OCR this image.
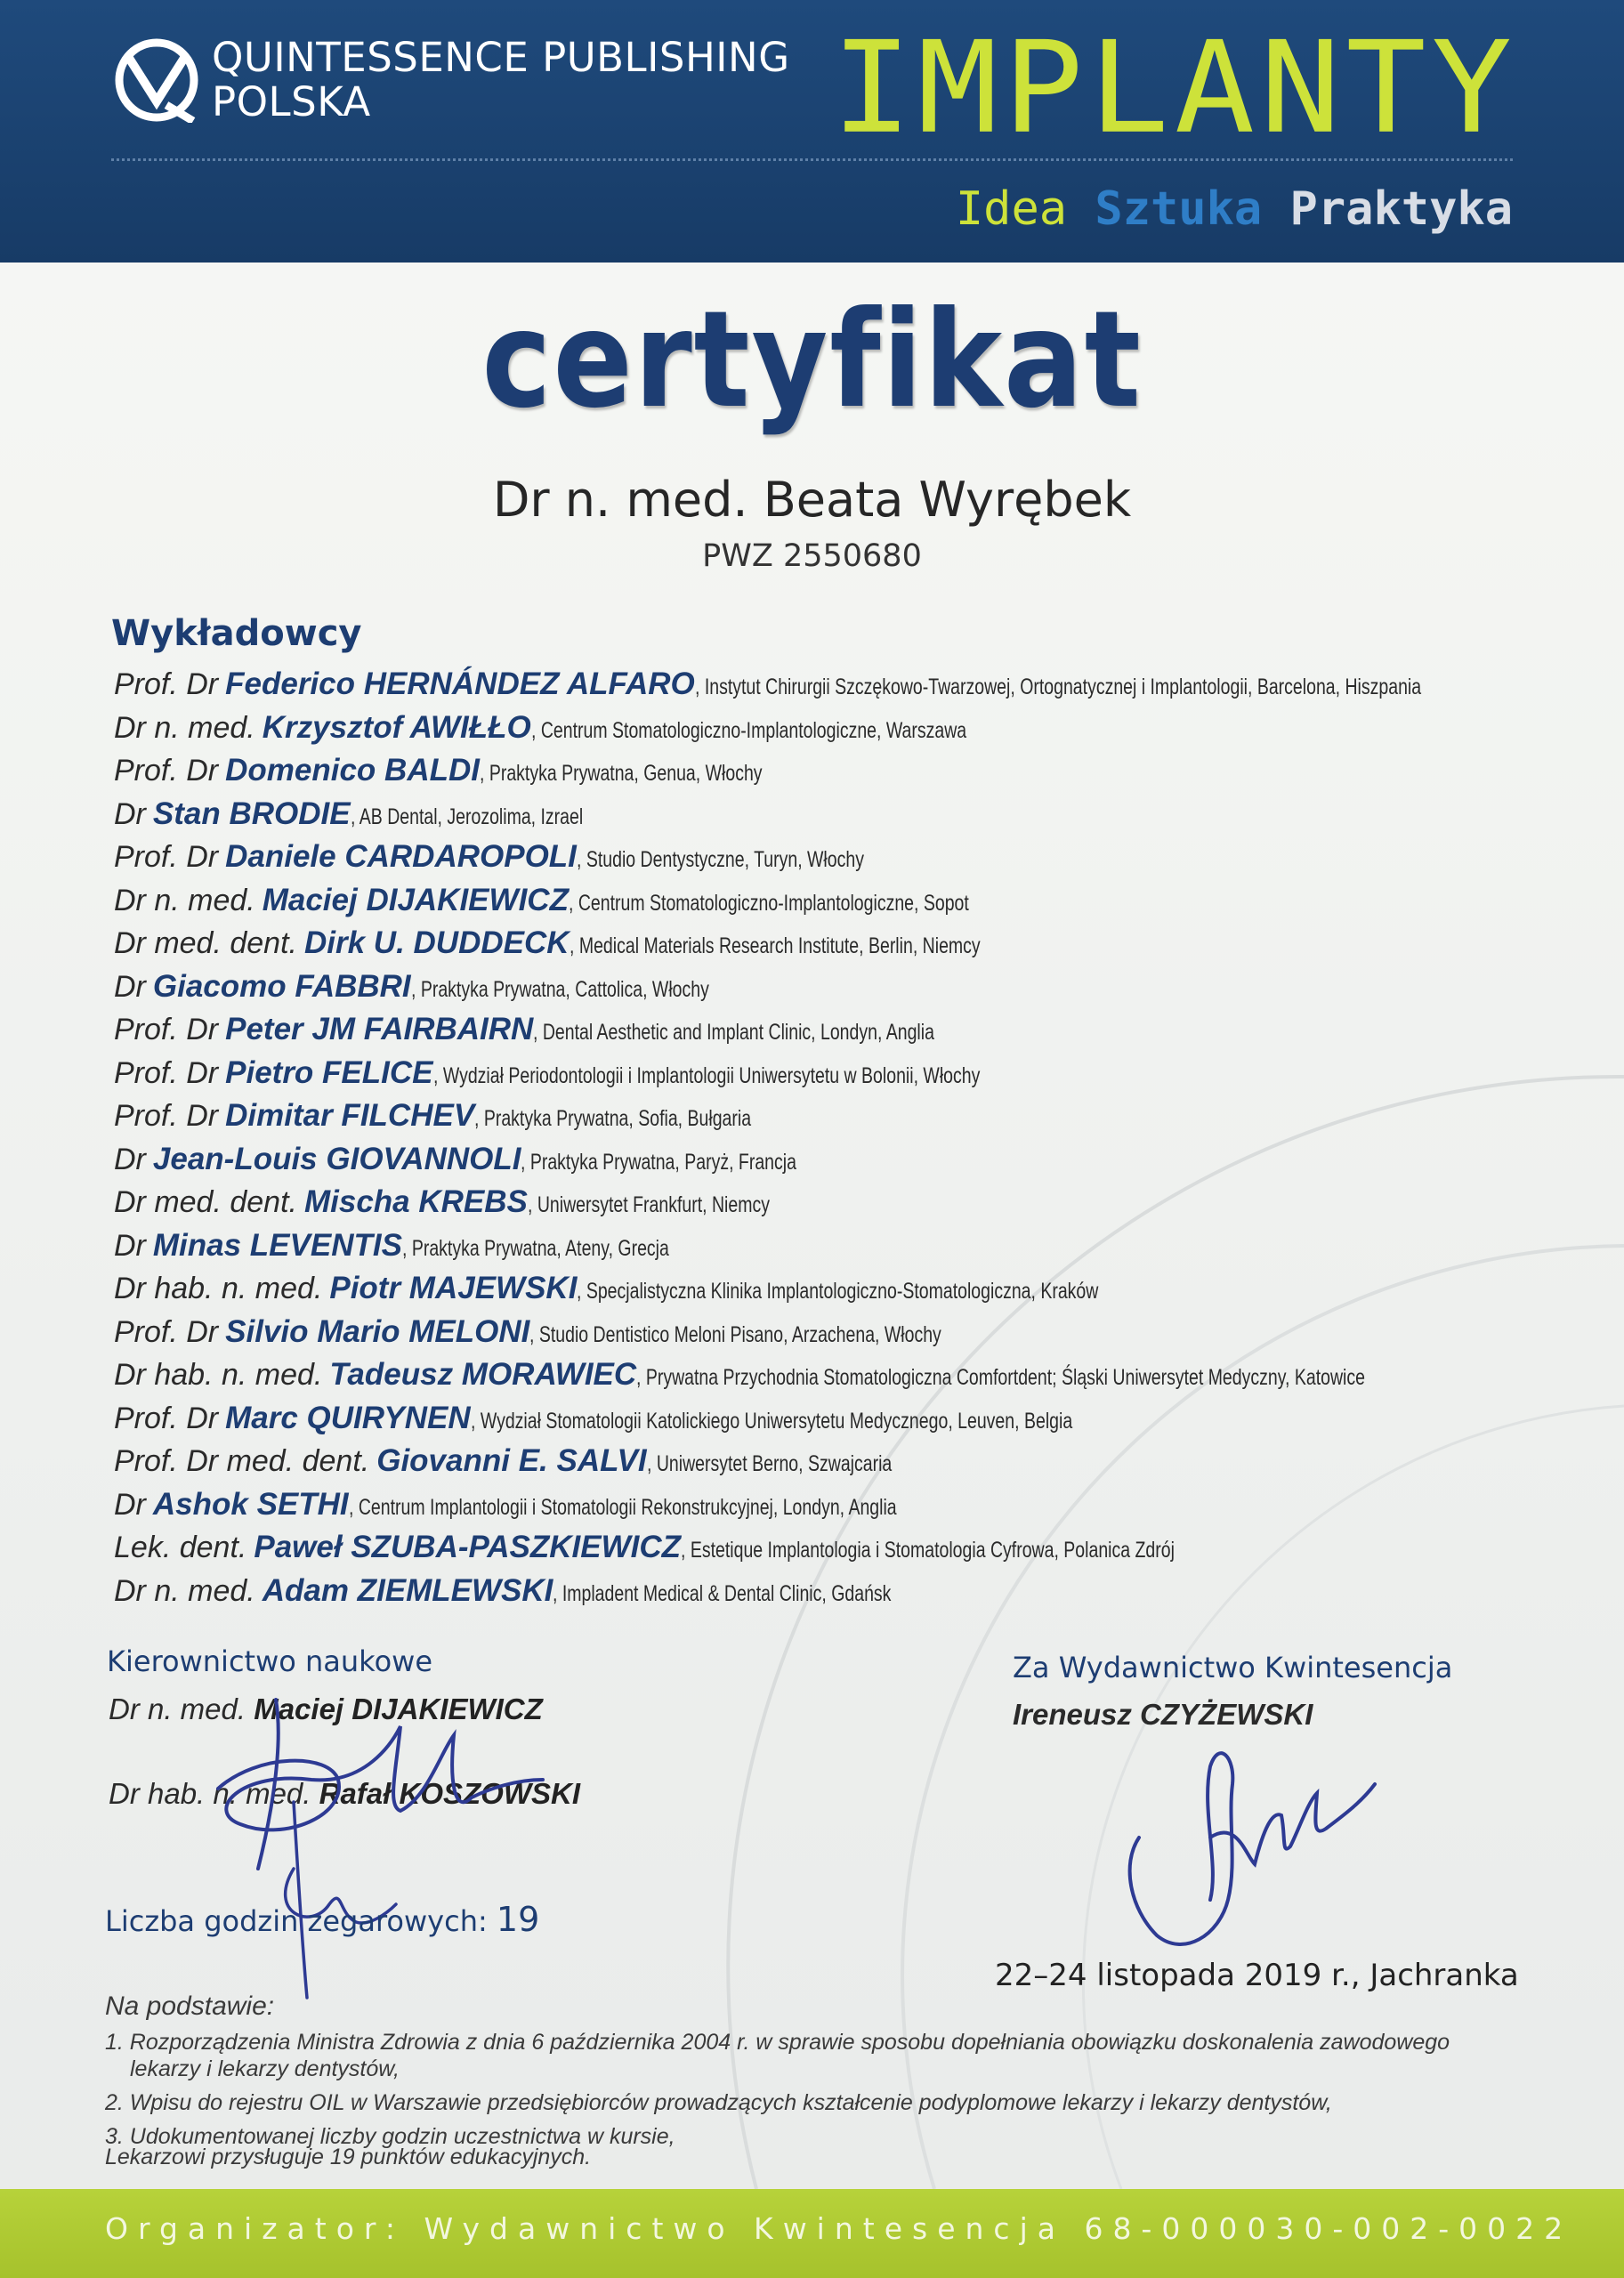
QUINTESSENCE PUBLISHING
POLSKA	IMPLANTY
Idea Sztuka Praktyka
certyfikat
Dr n. med. Beata Wyrębek
PWZ 2550680
Wykładowcy
Prof. Dr Federico HERNÁNDEZ ALFARO, Instytut Chirurgii Szczękowo-Twarzowej, Ortognatycznej i Implantologii, Barcelona, Hiszpania
Dr n. med. Krzysztof AWIŁŁO, Centrum Stomatologiczno-Implantologiczne, Warszawa
Prof. Dr Domenico BALDI, Praktyka Prywatna, Genua, Włochy
Dr Stan BRODIE, AB Dental, Jerozolima, Izrael
Prof. Dr Daniele CARDAROPOLI, Studio Dentystyczne, Turyn, Włochy
Dr n. med. Maciej DIJAKIEWICZ, Centrum Stomatologiczno-Implantologiczne, Sopot
Dr med. dent. Dirk U. DUDDECK, Medical Materials Research Institute, Berlin, Niemcy
Dr Giacomo FABBRI, Praktyka Prywatna, Cattolica, Włochy
Prof. Dr Peter JM FAIRBAIRN, Dental Aesthetic and Implant Clinic, Londyn, Anglia
Prof. Dr Pietro FELICE, Wydział Periodontologii i Implantologii Uniwersytetu w Bolonii, Włochy
Prof. Dr Dimitar FILCHEV, Praktyka Prywatna, Sofia, Bułgaria
Dr Jean-Louis GIOVANNOLI, Praktyka Prywatna, Paryż, Francja
Dr med. dent. Mischa KREBS, Uniwersytet Frankfurt, Niemcy
Dr Minas LEVENTIS, Praktyka Prywatna, Ateny, Grecja
Dr hab. n. med. Piotr MAJEWSKI, Specjalistyczna Klinika Implantologiczno-Stomatologiczna, Kraków
Prof. Dr Silvio Mario MELONI, Studio Dentistico Meloni Pisano, Arzachena, Włochy
Dr hab. n. med. Tadeusz MORAWIEC, Prywatna Przychodnia Stomatologiczna Comfortdent; Śląski Uniwersytet Medyczny, Katowice
Prof. Dr Marc QUIRYNEN, Wydział Stomatologii Katolickiego Uniwersytetu Medycznego, Leuven, Belgia
Prof. Dr med. dent. Giovanni E. SALVI, Uniwersytet Berno, Szwajcaria
Dr Ashok SETHI, Centrum Implantologii i Stomatologii Rekonstrukcyjnej, Londyn, Anglia
Lek. dent. Paweł SZUBA-PASZKIEWICZ, Estetique Implantologia i Stomatologia Cyfrowa, Polanica Zdrój
Dr n. med. Adam ZIEMLEWSKI, Impladent Medical & Dental Clinic, Gdańsk
Kierownictwo naukowe
Dr n. med. Maciej DIJAKIEWICZ
Dr hab. n. med. Rafał KOSZOWSKI
Za Wydawnictwo Kwintesencja
Ireneusz CZYŻEWSKI
Liczba godzin zegarowych: 19
22–24 listopada 2019 r., Jachranka
Na podstawie:
1. Rozporządzenia Ministra Zdrowia z dnia 6 października 2004 r. w sprawie sposobu dopełniania obowiązku doskonalenia zawodowego
lekarzy i lekarzy dentystów,
2. Wpisu do rejestru OIL w Warszawie przedsiębiorców prowadzących kształcenie podyplomowe lekarzy i lekarzy dentystów,
3. Udokumentowanej liczby godzin uczestnictwa w kursie,
Lekarzowi przysługuje 19 punktów edukacyjnych.
Organizator: Wydawnictwo Kwintesencja 68-000030-002-0022
